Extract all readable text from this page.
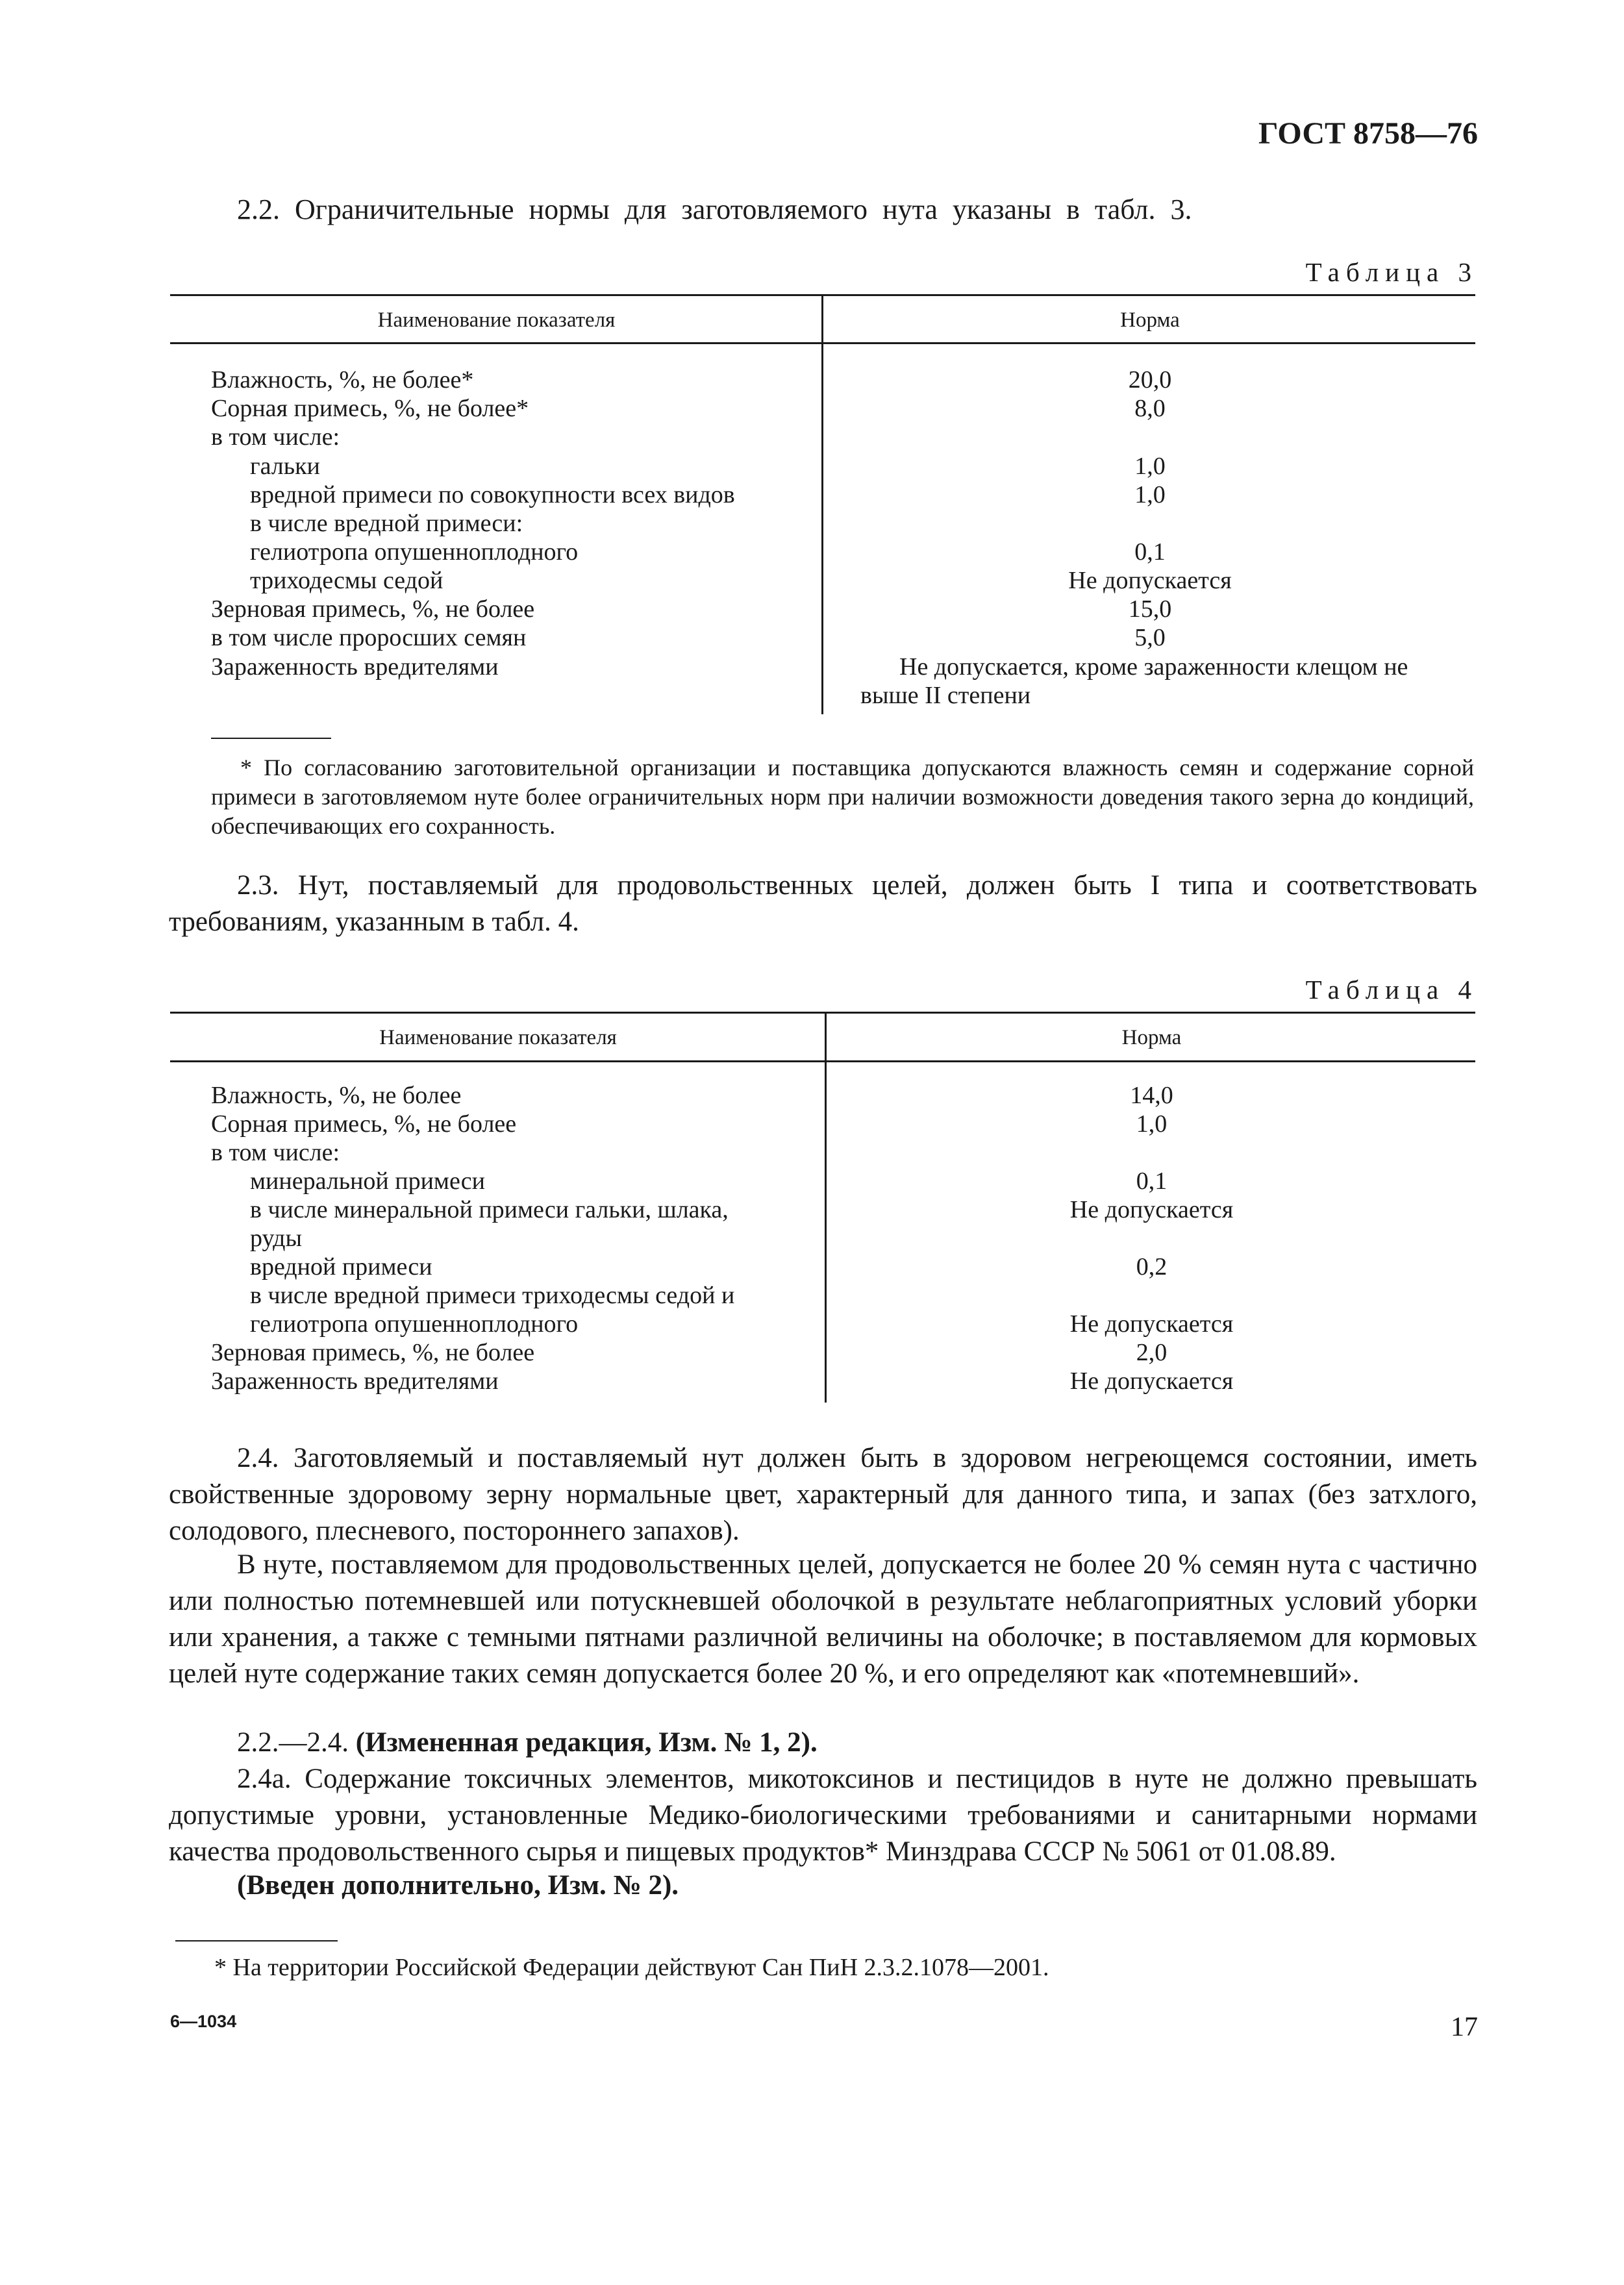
ГОСТ 8758—76
2.2. Ограничительные нормы для заготовляемого нута указаны в табл. 3.
Таблица 3
Наименование показателя	Норма
Влажность, %, не более*	20,0
Сорная примесь, %, не более*	8,0
в том числе:
гальки	1,0
вредной примеси по совокупности всех видов	1,0
в числе вредной примеси:
гелиотропа опушенноплодного	0,1
триходесмы седой	Не допускается
Зерновая примесь, %, не более	15,0
в том числе проросших семян	5,0
Зараженность вредителями	Не допускается, кроме зараженности клещом не
выше II степени
* По согласованию заготовительной организации и поставщика допускаются влажность семян и содержание сорной примеси в заготовляемом нуте более ограничительных норм при наличии возможности доведения такого зерна до кондиций, обеспечивающих его сохранность.
2.3. Нут, поставляемый для продовольственных целей, должен быть I типа и соответствовать требованиям, указанным в табл. 4.
Таблица 4
Наименование показателя	Норма
Влажность, %, не более	14,0
Сорная примесь, %, не более	1,0
в том числе:
минеральной примеси	0,1
в числе минеральной примеси гальки, шлака,	Не допускается
руды
вредной примеси	0,2
в числе вредной примеси триходесмы седой и
гелиотропа опушенноплодного	Не допускается
Зерновая примесь, %, не более	2,0
Зараженность вредителями	Не допускается
2.4. Заготовляемый и поставляемый нут должен быть в здоровом негреющемся состоянии, иметь свойственные здоровому зерну нормальные цвет, характерный для данного типа, и запах (без затхлого, солодового, плесневого, постороннего запахов).
В нуте, поставляемом для продовольственных целей, допускается не более 20 % семян нута с частично или полностью потемневшей или потускневшей оболочкой в результате неблагоприятных условий уборки или хранения, а также с темными пятнами различной величины на оболочке; в поставляемом для кормовых целей нуте содержание таких семян допускается более 20 %, и его определяют как «потемневший».
2.2.—2.4. (Измененная редакция, Изм. № 1, 2).
2.4а. Содержание токсичных элементов, микотоксинов и пестицидов в нуте не должно превышать допустимые уровни, установленные Медико-биологическими требованиями и санитарными нормами качества продовольственного сырья и пищевых продуктов* Минздрава СССР № 5061 от 01.08.89.
(Введен дополнительно, Изм. № 2).
* На территории Российской Федерации действуют Сан ПиН 2.3.2.1078—2001.
6—1034	17
